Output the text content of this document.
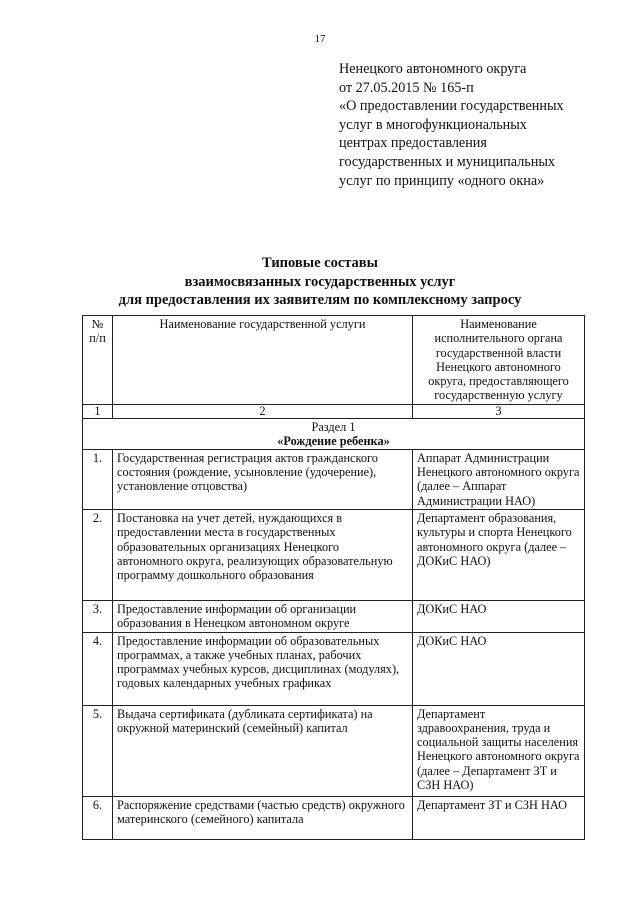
17
Ненецкого автономного округа
от 27.05.2015 № 165-п
«О предоставлении государственных
услуг в многофункциональных
центрах предоставления
государственных и муниципальных
услуг по принципу «одного окна»
Типовые составы
взаимосвязанных государственных услуг
для предоставления их заявителям по комплексному запросу
№ п/п	Наименование государственной услуги	Наименование исполнительного органа государственной власти Ненецкого автономного округа, предоставляющего государственную услугу
1	2	3

Раздел 1
«Рождение ребенка»		

1.	Государственная регистрация актов гражданского состояния (рождение, усыновление (удочерение), установление отцовства)	Аппарат Администрации Ненецкого автономного округа (далее – Аппарат Администрации НАО)
2.	Постановка на учет детей, нуждающихся в предоставлении места в государственных образовательных организациях Ненецкого автономного округа, реализующих образовательную программу дошкольного образования	Департамент образования, культуры и спорта Ненецкого автономного округа (далее – ДОКиС НАО)
3.	Предоставление информации об организации образования в Ненецком автономном округе	ДОКиС НАО
4.	Предоставление информации об образовательных программах, а также учебных планах, рабочих программах учебных курсов, дисциплинах (модулях), годовых календарных учебных графиках	ДОКиС НАО
5.	Выдача сертификата (дубликата сертификата) на окружной материнский (семейный) капитал	Департамент здравоохранения, труда и социальной защиты населения Ненецкого автономного округа (далее – Департамент ЗТ и СЗН НАО)
6.	Распоряжение средствами (частью средств) окружного материнского (семейного) капитала	Департамент ЗТ и СЗН НАО
